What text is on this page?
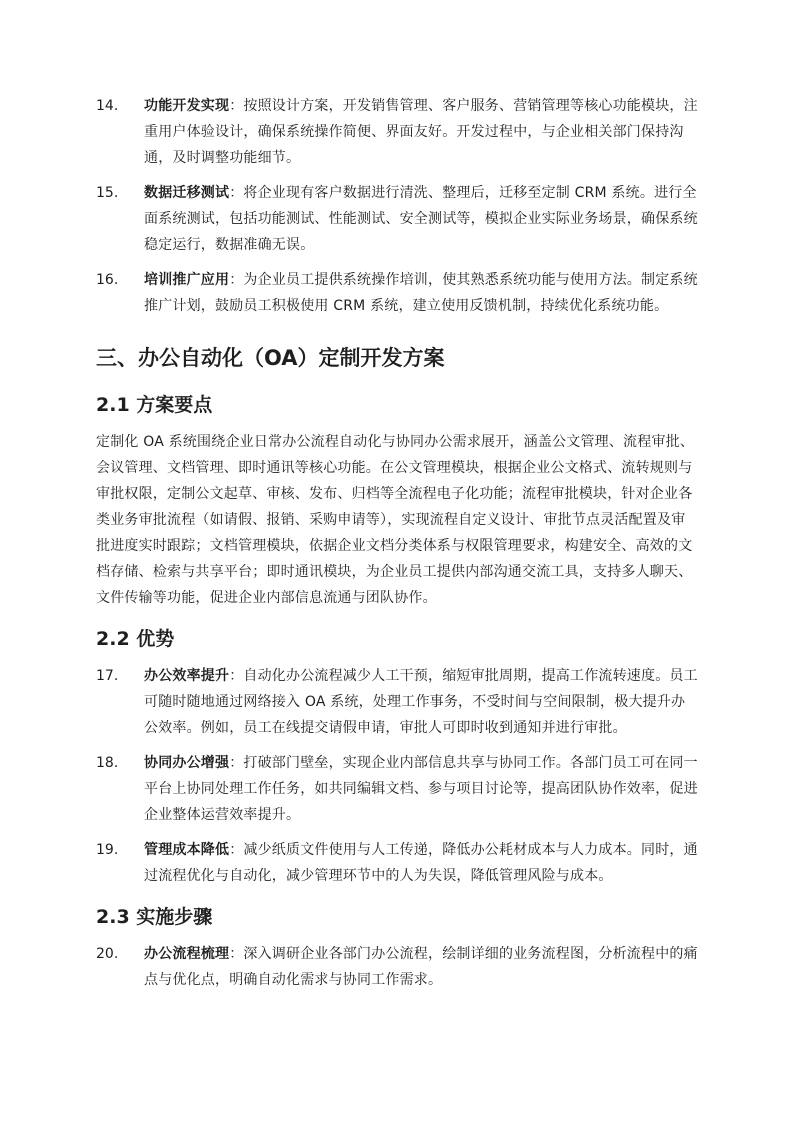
14.	功能开发实现：按照设计方案，开发销售管理、客户服务、营销管理等核心功能模块，注重用户体验设计，确保系统操作简便、界面友好。开发过程中，与企业相关部门保持沟通，及时调整功能细节。
15.	数据迁移测试：将企业现有客户数据进行清洗、整理后，迁移至定制 CRM 系统。进行全面系统测试，包括功能测试、性能测试、安全测试等，模拟企业实际业务场景，确保系统稳定运行，数据准确无误。
16.	培训推广应用：为企业员工提供系统操作培训，使其熟悉系统功能与使用方法。制定系统推广计划，鼓励员工积极使用 CRM 系统，建立使用反馈机制，持续优化系统功能。
三、办公自动化（OA）定制开发方案
2.1 方案要点

定制化 OA 系统围绕企业日常办公流程自动化与协同办公需求展开，涵盖公文管理、流程审批、会议管理、文档管理、即时通讯等核心功能。在公文管理模块，根据企业公文格式、流转规则与审批权限，定制公文起草、审核、发布、归档等全流程电子化功能；流程审批模块，针对企业各类业务审批流程（如请假、报销、采购申请等），实现流程自定义设计、审批节点灵活配置及审批进度实时跟踪；文档管理模块，依据企业文档分类体系与权限管理要求，构建安全、高效的文档存储、检索与共享平台；即时通讯模块，为企业员工提供内部沟通交流工具，支持多人聊天、文件传输等功能，促进企业内部信息流通与团队协作。

2.2 优势
17.	办公效率提升：自动化办公流程减少人工干预，缩短审批周期，提高工作流转速度。员工可随时随地通过网络接入 OA 系统，处理工作事务，不受时间与空间限制，极大提升办公效率。例如，员工在线提交请假申请，审批人可即时收到通知并进行审批。
18.	协同办公增强：打破部门壁垒，实现企业内部信息共享与协同工作。各部门员工可在同一平台上协同处理工作任务，如共同编辑文档、参与项目讨论等，提高团队协作效率，促进企业整体运营效率提升。
19.	管理成本降低：减少纸质文件使用与人工传递，降低办公耗材成本与人力成本。同时，通过流程优化与自动化，减少管理环节中的人为失误，降低管理风险与成本。
2.3 实施步骤
20.	办公流程梳理：深入调研企业各部门办公流程，绘制详细的业务流程图，分析流程中的痛点与优化点，明确自动化需求与协同工作需求。
